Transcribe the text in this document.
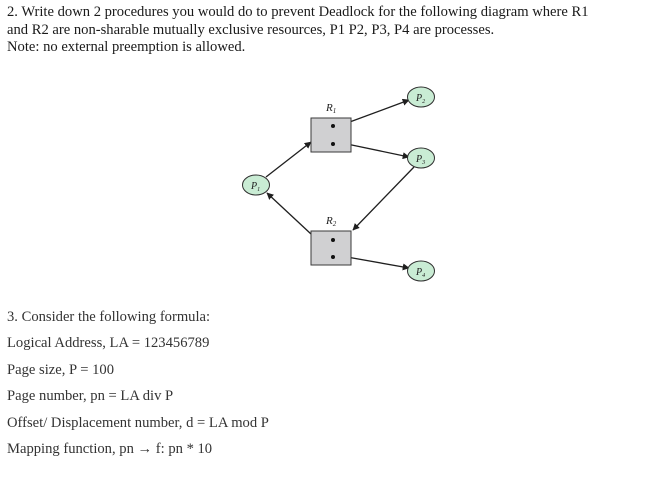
2. Write down 2 procedures you would do to prevent Deadlock for the following diagram where R1
and R2 are non-sharable mutually exclusive resources, P1 P2, P3, P4 are processes.
Note: no external preemption is allowed.
R1
R2
$P_1$
$P_2$
$P_3$
$P_4$
3. Consider the following formula:
Logical Address, LA = 123456789
Page size, P = 100
Page number, pn = LA div P
Offset/ Displacement number, d = LA mod P
Mapping function, pn → f: pn * 10
